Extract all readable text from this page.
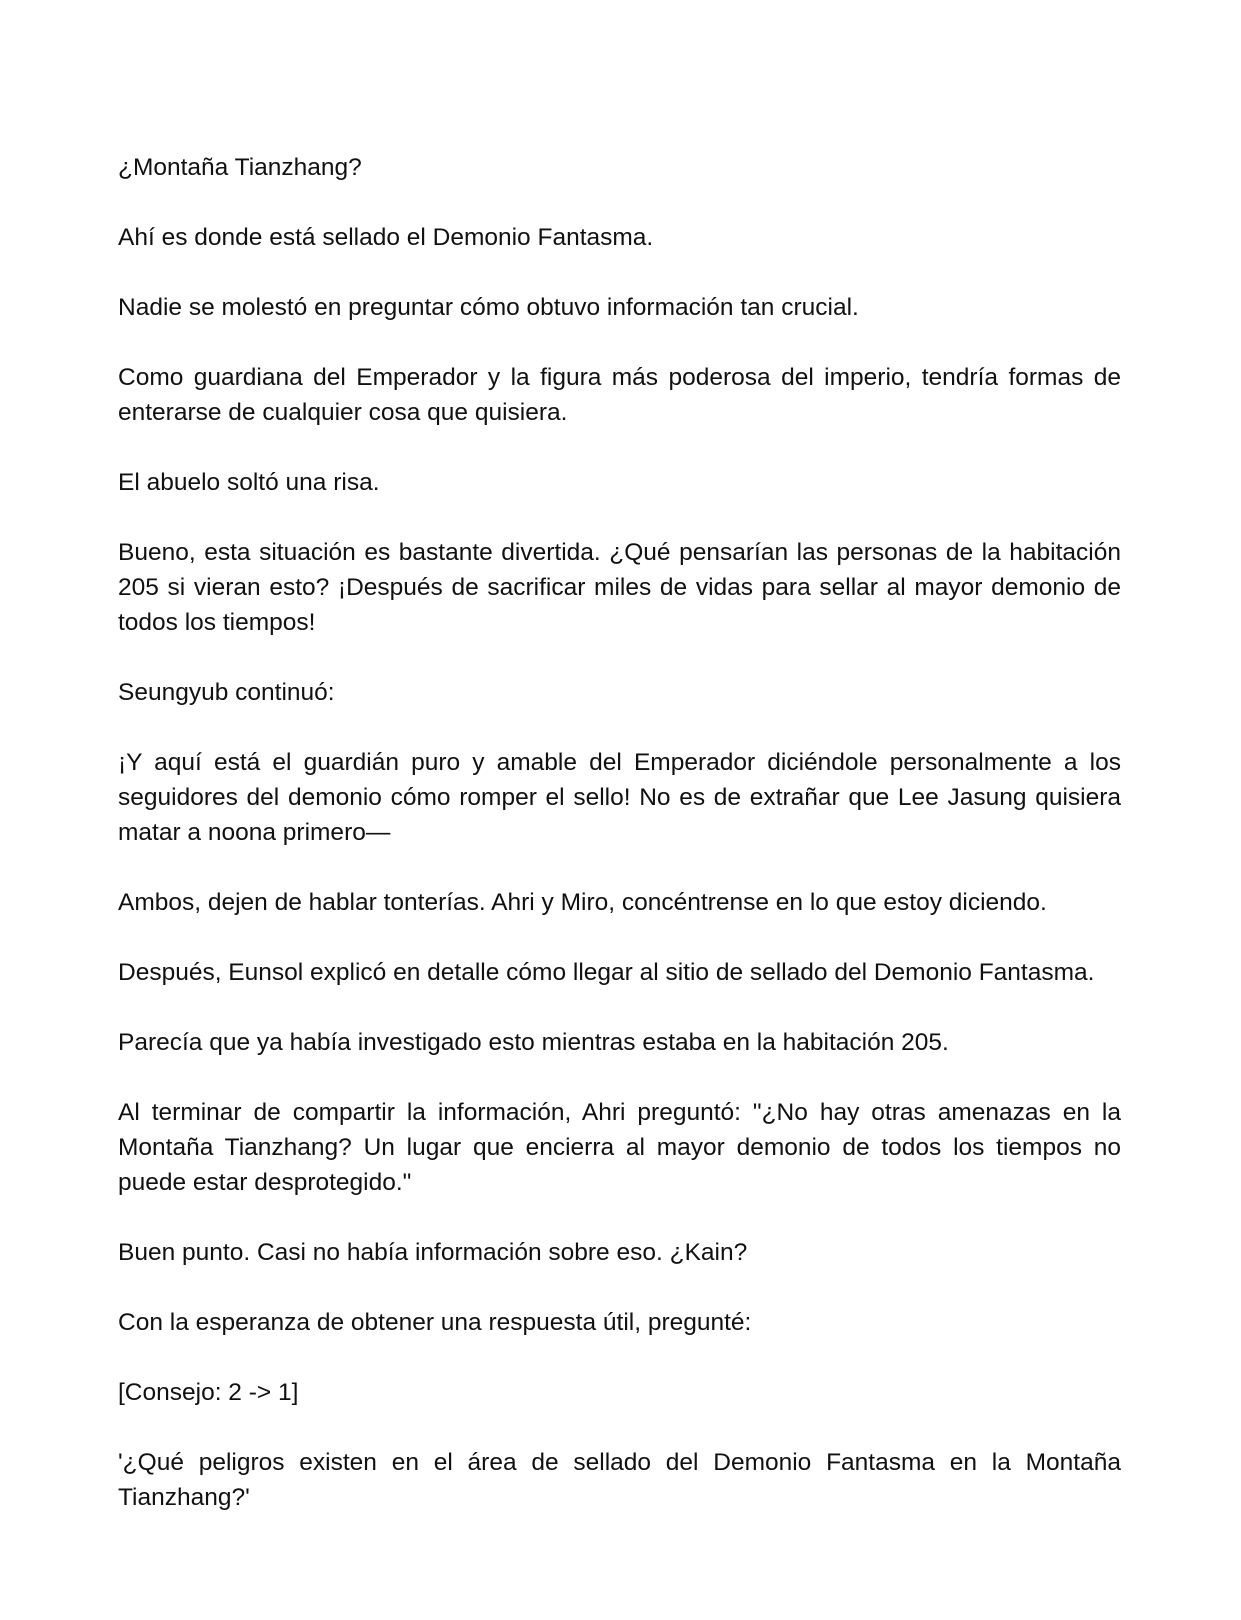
¿Montaña Tianzhang?

Ahí es donde está sellado el Demonio Fantasma.

Nadie se molestó en preguntar cómo obtuvo información tan crucial.

Como guardiana del Emperador y la figura más poderosa del imperio, tendría formas de enterarse de cualquier cosa que quisiera.

El abuelo soltó una risa.

Bueno, esta situación es bastante divertida. ¿Qué pensarían las personas de la habitación 205 si vieran esto? ¡Después de sacrificar miles de vidas para sellar al mayor demonio de todos los tiempos!

Seungyub continuó:

¡Y aquí está el guardián puro y amable del Emperador diciéndole personalmente a los seguidores del demonio cómo romper el sello! No es de extrañar que Lee Jasung quisiera matar a noona primero—

Ambos, dejen de hablar tonterías. Ahri y Miro, concéntrense en lo que estoy diciendo.

Después, Eunsol explicó en detalle cómo llegar al sitio de sellado del Demonio Fantasma.

Parecía que ya había investigado esto mientras estaba en la habitación 205.

Al terminar de compartir la información, Ahri preguntó: "¿No hay otras amenazas en la Montaña Tianzhang? Un lugar que encierra al mayor demonio de todos los tiempos no puede estar desprotegido."

Buen punto. Casi no había información sobre eso. ¿Kain?

Con la esperanza de obtener una respuesta útil, pregunté:

[Consejo: 2 -> 1]

'¿Qué peligros existen en el área de sellado del Demonio Fantasma en la Montaña Tianzhang?'
